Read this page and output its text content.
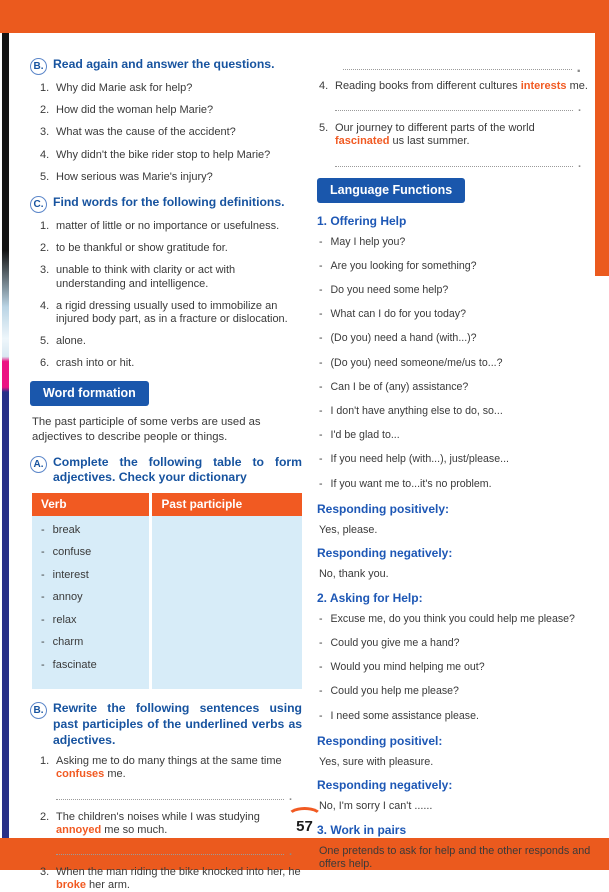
B. Read again and answer the questions.
1. Why did Marie ask for help?
2. How did the woman help Marie?
3. What was the cause of the accident?
4. Why didn't the bike rider stop to help Marie?
5. How serious was Marie's injury?
C. Find words for the following definitions.
1. matter of little or no importance or usefulness.
2. to be thankful or show gratitude for.
3. unable to think with clarity or act with understanding and intelligence.
4. a rigid dressing usually used to immobilize an injured body part, as in a fracture or dislocation.
5. alone.
6. crash into or hit.
Word formation

The past participle of some verbs are used as adjectives to describe people or things.

A. Complete the following table to form adjectives. Check your dictionary
Verb
- break
- confuse
- interest
- annoy
- relax
- charm
- fascinate
Past participle
B. Rewrite the following sentences using past participles of the underlined verbs as adjectives.
1. Asking me to do many things at the same time confuses me.
.
2. The children's noises while I was studying annoyed me so much.
.
3. When the man riding the bike knocked into her, he broke her arm.
.
4. Reading books from different cultures interests me.
.
5. Our journey to different parts of the world fascinated us last summer.
.
Language Functions
1. Offering Help
- May I help you?
- Are you looking for something?
- Do you need some help?
- What can I do for you today?
- (Do you) need a hand (with...)?
- (Do you) need someone/me/us to...?
- Can I be of (any) assistance?
- I don't have anything else to do, so...
- I'd be glad to...
- If you need help (with...), just/please...
- If you want me to...it's no problem.
Responding positively:

Yes, please.

Responding negatively:

No, thank you.

2. Asking for Help:
- Excuse me, do you think you could help me please?
- Could you give me a hand?
- Would you mind helping me out?
- Could you help me please?
- I need some assistance please.
Responding positivel:

Yes, sure with pleasure.

Responding negatively:

No, I'm sorry I can't ......

3. Work in pairs

One pretends to ask for help and the other responds and offers help.

57
